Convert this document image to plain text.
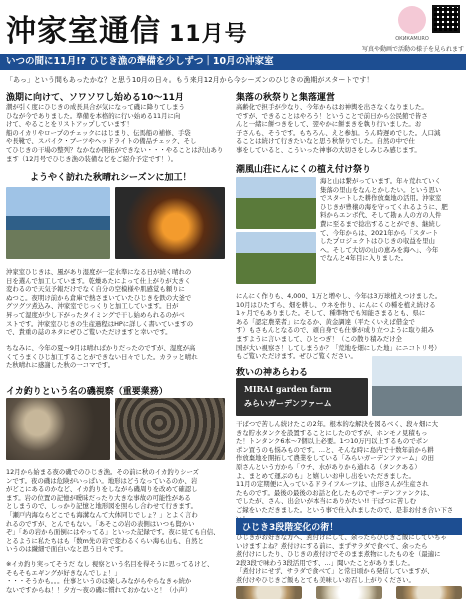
沖家室通信 11月号	ОКИКАМURO
写真や動画で活動の様子を見られます
いつの間に11月!? ひじき漁の準備を少しずつ｜10月の沖家室
「あっ」という間もあったかな？と思う10月の日々。もう来月12月から今シーズンのひじきの漁期がスタートです！
漁期に向けて、ソワソワし始める10〜11月
潮が引く度にひじきの成長具合が気になって磯に降りてしまう
ひなが今でありました。準備を本格的に行い始める11月に向
けて、やることをリストアップしています！
船のイカリやロープのチェックにはじまり、伝馬船の補修、手袋
や長靴で、スパイク・ブーツやヘッドライトの備品チェック、そし
てひじきの干場の整列？なかなか開拓ができない・・・やることは沢山あり
ます（12月号でひじき漁の装備などをご紹介予定です！）。
ようやく訪れた秋晴れシーズンに加工！
沖家室ひじきは、風があり湿度が一定水準になる日が続く晴れの
日を選んで加工しています。乾燥あたによって仕上がりが大きく
変わるので天気予報だけでなく自分の空模様や肌感覚も頼りに
ぬつこ。夜明け前から倉庫で熱さまいていたひじきを鉄の大釜で
グツグツ煮込み、沖家室でじっくりと加工しています。日が
昇って湿度が少し下がったタイミングで干し始められるのがベ
ストです。沖家室ひじきの生産過程はHPに詳しく書いていますの
で、貴重の誌のネタにぜひご覧いただけますと幸いです。
ちなみに、今年の夏〜9月は晴ればかりだったのですが、湿度が高
くてうまくひじ加工することができない日々でした。カラッと晴れ
た秋晴れに感謝した秋の一コマです。
イカ釣りという名の磯視察（重要業務）
12月から始まる夜の磯でのひじき漁。その前に秋のイカ釣りシーズ
ンです。夜の磯は危険がいっぱい。地形はどうなっているのか、岩
がどこにあるのかなど、イカ釣りをしながら磯周りを改めて確認し
ます。岩の位置の記憶が曖昧だったり大きな事故の可能性がある
としまうので、しっかり記憶と地形図を照らし合わせて行きます。
「瀬戸内海ならどこでも海溝なんて大体同じでしょ？」とよく言わ
れるのですが、とんでもない。「あそこの岩の表側はいつも賢かい
ぞ」「あの岩から面倒にはやってる」といった記録です。夜に見ても自信、
とるように私たちはも「数m先の岩で変わるくらい海も山も、自然と
いうのは繊細で面白いなと思う日々です。
※イカ釣り実ってそうだ なし 視察という名目を得そうに思ってるけど、
そもそもエギングが好きなんでしょ！」
・・・そうかも。。。仕事というのは楽しみながらやらなきゃ続か
ないですからね！！夕方〜夜の磯に慣れておかないと！（小声）
集落の秋祭りと集落運営
高齢化で担手が少なり、今年からはお神輿を出さなくなりました。
ですが、できることはやろう！ということで前日から公民館で皆さ
んと一緒に餅つきをして、翌やかに餅まきを執り行いました。お
子さんも、そうです。もちろん、えと参加。うん時遅めでした。人口減
ることは続けて行きたいなと思う秋祭りでした。自然の中で仕
事をしていると、こういった神事の大切さをしみじみ感じます。
潮風山荘にんにくの植え付け祭り
海と山は繋がっています。年々荒れていく
集落の里山をなんとかしたい。という思い
でスタートした耕作放棄地の活用。沖家室
ひじきが豊穣の海を守ってくれるように、肥
料からエンボ代、そして勘ぁ人の方の人件
費に至るまで捻出することができ、継続し
て、今年からは、2021年から「スタート
したプロジェクトはひじきの収益を里山
へ。そして大切の山の恵みを海へ」、今年
でなんと4年目に入りました。
にんにく作りも、4,000、1万と増やし、今年は3万球植えつけました。
10月はひたすら、畑を耕し、ウネを作り、にんにくの種を植え続ける
1ヶ月でもありました。そして、種準物でも知能さまるとも、県に
ある「認定農業者」になるか、黄金調達（平たくいえば借金で
す）もさもんとなるので、頑自身でも仕事が成り立つように取り組み
ますように言いまして、ひとつぎ！（この散り積みだけ全
国が大い視察さ！してしまうか？「荒地を畑にした地」にニコトリ号）
もご覧いただけます。ぜひご覧ください。
救いの神あらわる
MIRAI garden farm
みらいガーデンファーム
干ばつで苦しん続けたこの2年。根本的な解決を図るべく、段々畑に大
きな貯水タンクを設置することにしたのですが、ホンモノ見積もっ
た！トンタンク6本〜7個以上必要。1つ10万円以上するものでポン
ポン買うのも悩みものです。…と、そんな時に島内で十数年前から耕
作放棄地を開拓して農業をしている「みらいガーデンファーム」の田
原さんという方から「ウチ、水がありから通れる（タンクある）
よ、まとめて運ぶのも」と嬉しいお申し出をいただきました。
11月の定期便に入っているドライフルーツは、山形さんが生産され
たものです。最後の最後のお話と化したものでサーデンファンクは、
でしたが、さん、出会いが本当にありがたい!! 干ばつに苦しむ
ご縁をいただきました。という事で仕入れましたので、是非お付き合い下さ
ひじき3段階変化の術！
ひじきがお好きな方へ、煮付けにして、余ったらひじきご飯にしていちゃ
いけますよね？煮付けにする前に、まずサラダで食べて、余ったら
煮付けにしたり、ひじきの煮付けでそのまま煮物にしたものを（最適に
2段3段で味わう3段活用です、…」聞いたことがありました。
「煮付けにせず、サラダで食べて」と常日頃から発信していますが、
煮付けやひじきご飯もとても美味しいお召し上がりください。
